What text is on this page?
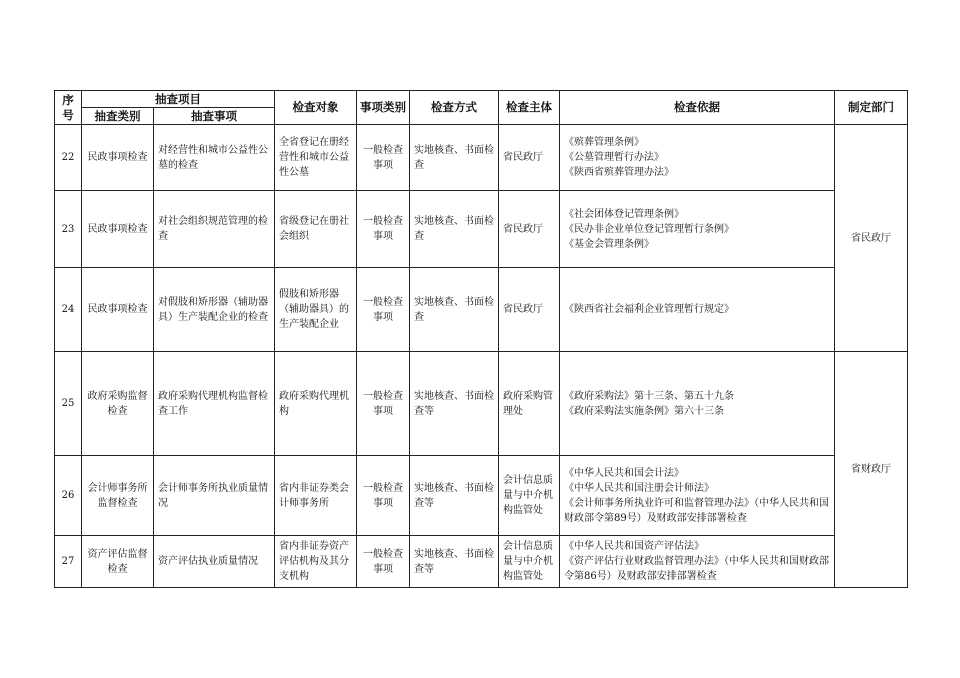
序号	抽查项目		检查对象	事项类别	检查方式	检查主体	检查依据	制定部门
	抽查类别	抽查事项						
22	民政事项检查	对经营性和城市公益性公墓的检查	全省登记在册经营性和城市公益性公墓	一般检查事项	实地核查、书面检查	省民政厅	《殡葬管理条例》
《公墓管理暂行办法》
《陕西省殡葬管理办法》	省民政厅
23	民政事项检查	对社会组织规范管理的检查	省级登记在册社会组织	一般检查事项	实地核查、书面检查	省民政厅	《社会团体登记管理条例》
《民办非企业单位登记管理暂行条例》
《基金会管理条例》	

24	民政事项检查	对假肢和矫形器（辅助器具）生产装配企业的检查	假肢和矫形器（辅助器具）的生产装配企业	一般检查事项	实地核查、书面检查	省民政厅	《陕西省社会福利企业管理暂行规定》	

25	政府采购监督检查	政府采购代理机构监督检查工作	政府采购代理机构	一般检查事项	实地核查、书面检查等	政府采购管理处	《政府采购法》第十三条、第五十九条
《政府采购法实施条例》第六十三条	省财政厅
26	会计师事务所监督检查	会计师事务所执业质量情况	省内非证券类会计师事务所	一般检查事项	实地核查、书面检查等	会计信息质量与中介机构监管处	《中华人民共和国会计法》
《中华人民共和国注册会计师法》
《会计师事务所执业许可和监督管理办法》（中华人民共和国财政部令第89号）及财政部安排部署检查	

27	资产评估监督检查	资产评估执业质量情况	省内非证券资产评估机构及其分支机构	一般检查事项	实地核查、书面检查等	会计信息质量与中介机构监管处	《中华人民共和国资产评估法》
《资产评估行业财政监督管理办法》（中华人民共和国财政部令第86号）及财政部安排部署检查	
